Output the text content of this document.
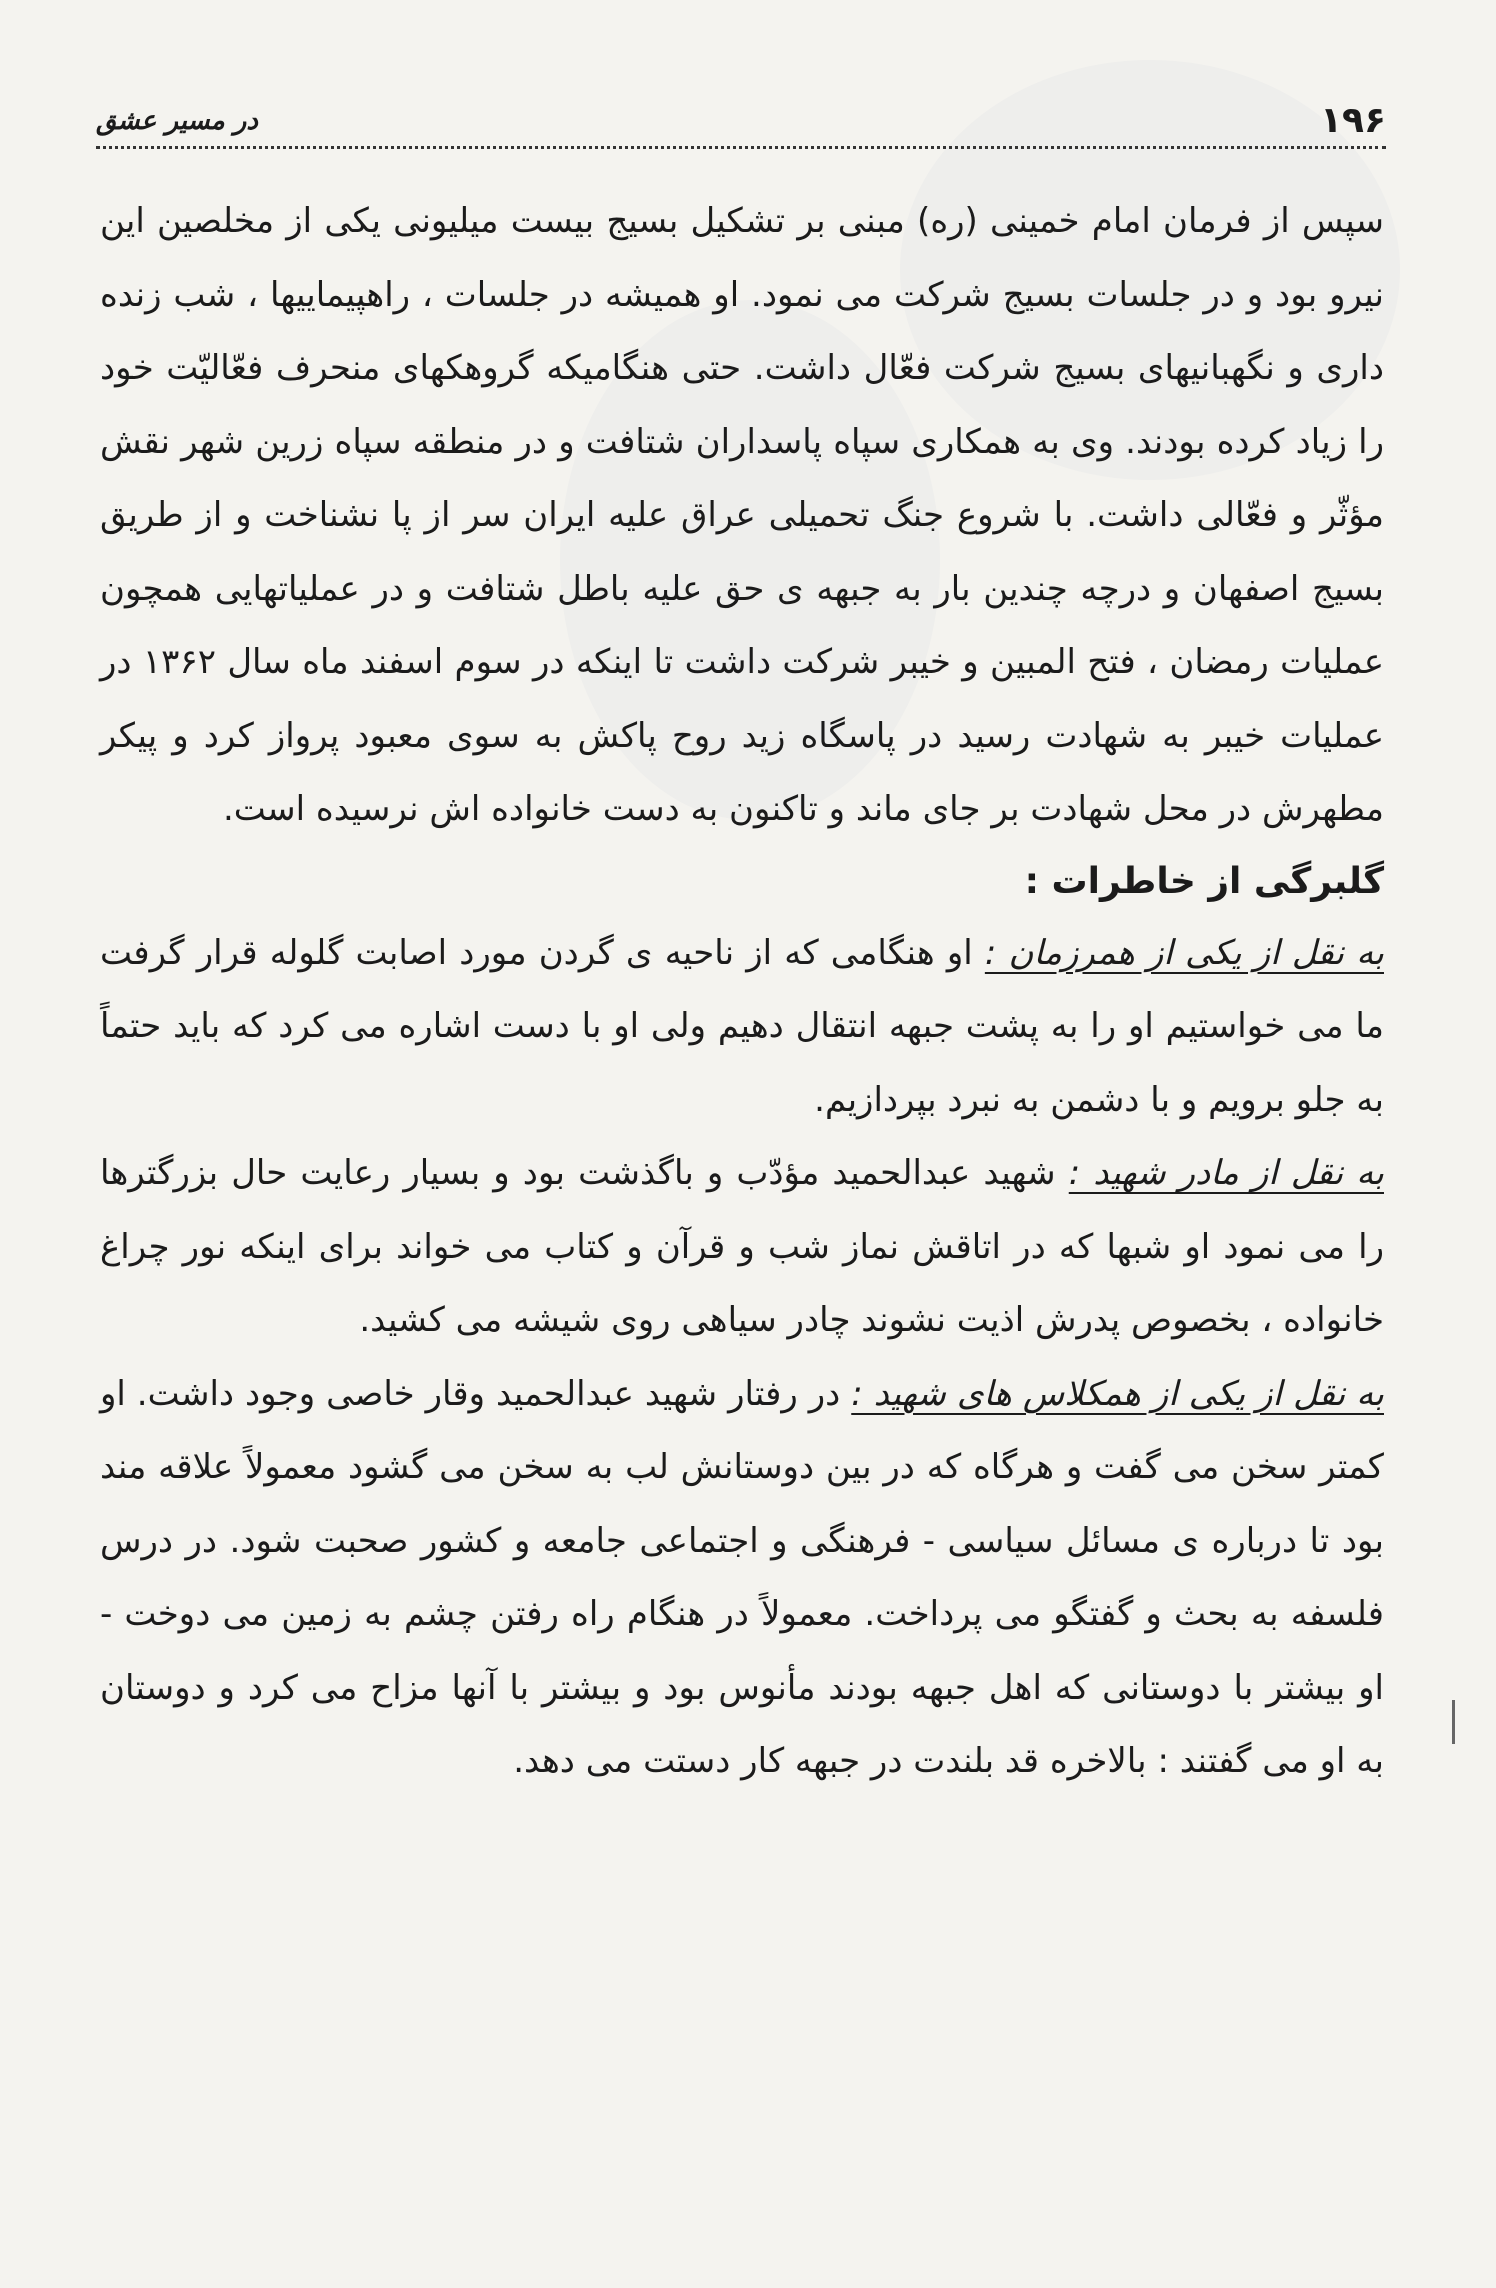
۱۹۶
در مسیر عشق

سپس از فرمان امام خمینی (ره) مبنی بر تشکیل بسیج بیست میلیونی یکی از مخلصین این نیرو بود و در جلسات بسیج شرکت می نمود. او همیشه در جلسات ، راهپیماییها ، شب زنده داری و نگهبانیهای بسیج شرکت فعّال داشت. حتی هنگامیکه گروهکهای منحرف فعّالیّت خود را زیاد کرده بودند. وی به همکاری سپاه پاسداران شتافت و در منطقه سپاه زرین شهر نقش مؤثّر و فعّالی داشت. با شروع جنگ تحمیلی عراق علیه ایران سر از پا نشناخت و از طریق بسیج اصفهان و درچه چندین بار به جبهه ی حق علیه باطل شتافت و در عملیاتهایی همچون عملیات رمضان ، فتح المبین و خیبر شرکت داشت تا اینکه در سوم اسفند ماه سال ۱۳۶۲ در عملیات خیبر به شهادت رسید در پاسگاه زید روح پاکش به سوی معبود پرواز کرد و پیکر مطهرش در محل شهادت بر جای ماند و تاکنون به دست خانواده اش نرسیده است.

گلبرگی از خاطرات :

به نقل از یکی از همرزمان : او هنگامی که از ناحیه ی گردن مورد اصابت گلوله قرار گرفت ما می خواستیم او را به پشت جبهه انتقال دهیم ولی او با دست اشاره می کرد که باید حتماً به جلو برویم و با دشمن به نبرد بپردازیم.

به نقل از مادر شهید : شهید عبدالحمید مؤدّب و باگذشت بود و بسیار رعایت حال بزرگترها را می نمود او شبها که در اتاقش نماز شب و قرآن و کتاب می خواند برای اینکه نور چراغ خانواده ، بخصوص پدرش اذیت نشوند چادر سیاهی روی شیشه می کشید.

به نقل از یکی از همکلاس های شهید : در رفتار شهید عبدالحمید وقار خاصی وجود داشت. او کمتر سخن می گفت و هرگاه که در بین دوستانش لب به سخن می گشود معمولاً علاقه مند بود تا درباره ی مسائل سیاسی - فرهنگی و اجتماعی جامعه و کشور صحبت شود. در درس فلسفه به بحث و گفتگو می پرداخت. معمولاً در هنگام راه رفتن چشم به زمین می دوخت - او بیشتر با دوستانی که اهل جبهه بودند مأنوس بود و بیشتر با آنها مزاح می کرد و دوستان به او می گفتند : بالاخره قد بلندت در جبهه کار دستت می دهد.
